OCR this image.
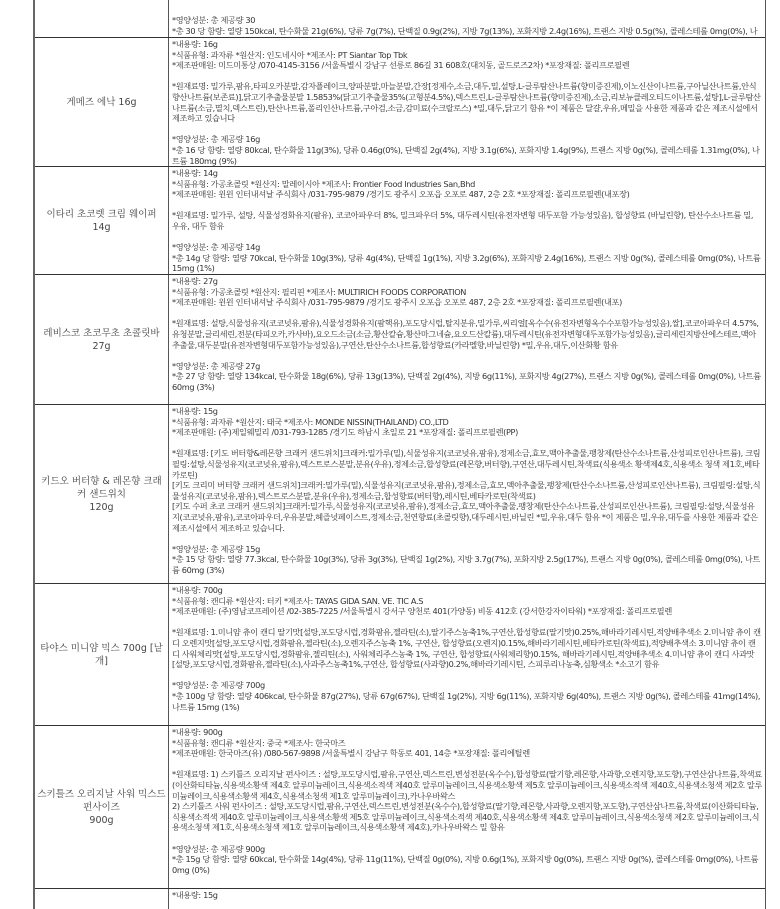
*영양성분: 총 제공량 30

*총 30 당 함량: 열량 150kcal, 탄수화물 21g(6%), 당류 7g(7%), 단백질 0.9g(2%), 지방 7g(13%), 포화지방 2.4g(16%), 트랜스 지방 0.5g(%), 콜레스테롤 0mg(0%), 나

게메즈 에낙 16g

*내용량: 16g

*식품유형: 과자류 *원산지: 인도네시아 *제조사: PT Siantar Top Tbk

*제조판매원: 미드미통상 /070-4145-3156 /서울특별시 강남구 선릉로 86길 31 608호(대치동, 골드로즈2차) *포장재질: 폴리프로필렌

*원재료명: 밀가루,팜유,타피오카분말,감자플레이크,양파분말,마늘분말,간장[정제수,소금,대두,밀,설탕,L-글루탐산나트륨(향미증진제),이노신산이나트륨,구아닐산나트륨,안식향산나트륨(보존료)],닭고기추출물분말 1.5853%(닭고기추출물35%(고형분4.5%),덱스트린,L-글루탐산나트륨(향미증진제),소금,리보뉴클레오티드이나트륨,설탕],L-글루탐산나트륨(소금,멸치,덱스트린),탄산나트륨,폴리인산나트륨,구아검,소금,감미료(수크랄로스) *밀,대두,닭고기 함유 *이 제품은 달걀,우유,메밀을 사용한 제품과 같은 제조시설에서 제조하고 있습니다

*영양성분: 총 제공량 16g

*총 16 당 함량: 열량 80kcal, 탄수화물 11g(3%), 당류 0.46g(0%), 단백질 2g(4%), 지방 3.1g(6%), 포화지방 1.4g(9%), 트랜스 지방 0g(%), 콜레스테롤 1.31mg(0%), 나트륨 180mg (9%)

이타리 초코렛 크림 웨이퍼 14g

*내용량: 14g

*식품유형: 가공초콜릿 *원산지: 말레이시아 *제조사: Frontier Food Industries San,Bhd

*제조판매원: 윈윈 인터내셔날 주식회사 /031-795-9879 /경기도 광주시 오포읍 오포로 487, 2층 2호 *포장재질: 폴리프로필렌(내포장)

*원재료명: 밀가루, 설탕, 식물성경화유지(팜유), 코코아파우더 8%, 밀크파우더 5%, 대두레시틴(유전자변형 대두포함 가능성있음), 합성향료 (바닐린향), 탄산수소나트륨 밀, 우유, 대두 함유

*영양성분: 총 제공량 14g

*총 14g 당 함량: 열량 70kcal, 탄수화물 10g(3%), 당류 4g(4%), 단백질 1g(1%), 지방 3.2g(6%), 포화지방 2.4g(16%), 트랜스 지방 0g(%), 콜레스테롤 0mg(0%), 나트륨 15mg (1%)

레비스코 초코무초 초콜릿바 27g

*내용량: 27g

*식품유형: 가공초콜릿 *원산지: 필리핀 *제조사: MULTIRICH FOODS CORPORATION

*제조판매원: 윈윈 인터내셔날 주식회사 /031-795-9879 /경기도 광주시 오포읍 오포로 487, 2층 2호 *포장재질: 폴리프로필렌(내포)

*원재료명: 설탕,식물성유지(코코넛유,팜유),식물성경화유지(팜핵유),포도당시럽,탈지분유,밀가루,씨리얼[옥수수(유전자변형옥수수포함가능성있음),쌀],코코아파우더 4.57%,유청분말,글리세린,전분(타피오카,카사바),요오드소금(소금,황산칼슘,황산마그네슘,요오드산칼륨),대두레시틴(유전자변형대두포함가능성있음),글리세린지방산에스테르,맥아추출물,대두분말(유전자변형대두포함가능성있음),구연산,탄산수소나트륨,합성향료(카라멜향,바닐린향) *밀,우유,대두,이산화황 함유

*영양성분: 총 제공량 27g

*총 27 당 함량: 열량 134kcal, 탄수화물 18g(6%), 당류 13g(13%), 단백질 2g(4%), 지방 6g(11%), 포화지방 4g(27%), 트랜스 지방 0g(%), 콜레스테롤 0mg(0%), 나트륨 60mg (3%)

키드오 버터향 & 레몬향 크래커 샌드위치
120g

*내용량: 15g

*식품유형: 과자류 *원산지: 태국 *제조사: MONDE NISSIN(THAILAND) CO.,LTD

*제조판매원: (주)제일웨밀리 /031-793-1285 /경기도 하남시 초일로 21 *포장재질: 폴리프로필렌(PP)

*원재료명: [키도 버터향&레몬향 크래커 샌드위치]크래커:밀가루(밀),식물성유지(코코넛유,팜유),정제소금,효모,맥아추출물,팽창제(탄산수소나트륨,산성피로인산나트륨), 크림필링:설탕,식물성유지(코코넛유,팜유),덱스트로스분말,분유(우유),정제소금,합성향료(레몬향,버터향),구연산,대두레시틴,착색료(식용색소 황색제4호,식용색소 청색 제1호,베타카로틴)

[키도 크리미 버터향 크래커 샌드위치]크래커:밀가루(밀),식물성유지(코코넛유,팜유),정제소금,효모,맥아추출물,팽창제(탄산수소나트륨,산성피로인산나트륨), 크림필링:설탕,식물성유지(코코넛유,팜유),덱스트로스분말,분유(우유),정제소금,합성향료(버터향),레시틴,베타카로틴(착색료)

[키도 수퍼 초코 크래커 샌드위치]크래커:밀가루,식물성유지(코코넛유,팜유),정제소금,효모,맥아추출물,팽창제(탄산수소나트륨,산성피로인산나트륨), 크림필링:설탕,식물성유지(코코넛유,팜유),코코아파우더,우유분말,헤즐넛페이스트,정제소금,천연향료(초콜릿향),대두레시틴,바닐린 *밀,우유,대두 함유 *이 제품은 밀,우유,대두를 사용한 제품과 같은 제조시설에서 제조하고 있습니다.

*영양성분: 총 제공량 15g

*총 15 당 함량: 열량 77.3kcal, 탄수화물 10g(3%), 당류 3g(3%), 단백질 1g(2%), 지방 3.7g(7%), 포화지방 2.5g(17%), 트랜스 지방 0g(0%), 콜레스테롤 0mg(0%), 나트륨 60mg (3%)

타야스 미니얌 믹스 700g [낱개]

*내용량: 700g

*식품유형: 캔디류 *원산지: 터키 *제조사: TAYAS GIDA SAN. VE. TIC A.S

*제조판매원: (주)영남코프레이션 /02-385-7225 /서울특별시 강서구 양천로 401(가양동) 비동 412호 (강서한강자이타워) *포장재질: 폴리프로필렌

*원재료명: 1.미니얌 츄이 캔디 딸기맛[설탕,포도당시럽,경화팜유,젤라틴(소),딸기주스농축1%,구연산,합성향료(딸기맛)0.25%,해바라기레시틴,적양배추색소 2.미니얌 츄이 캔디 오렌지맛[설탕,포도당시럽,경화팜유,젤라틴(소),오렌지주스농축 1%, 구연산, 합성향료(오렌지)0.15%,해바라기레시틴,베타카로틴(착색료),적양배추색소 3.미니얌 츄이 캔디 사워체리맛[설탕,포도당시럽,경화팜유,젤리틴(소), 사워체리주스농축 1%, 구연산, 합성향료(사워체리향)0.15%, 해바라기레시틴,적양배추색소 4.미니얌 츄이 캔디 사과맛[설탕,포도당시럽,경화팜유,젤라틴(소),사과주스농축1%,구연산, 합성향료(사과향)0.2%,해바라기레시틴, 스피루리나농축,심황색소 *소고기 함유

*영양성분: 총 제공량 700g

*총 100g 당 함량: 열량 406kcal, 탄수화물 87g(27%), 당류 67g(67%), 단백질 1g(2%), 지방 6g(11%), 포화지방 6g(40%), 트랜스 지방 0g(%), 콜레스테롤 41mg(14%), 나트륨 15mg (1%)

스키틀즈 오리지날 사워 믹스드 펀사이즈
900g

*내용량: 900g

*식품유형: 캔디류 *원산지: 중국 *제조사: 한국마즈

*제조판매원: 한국마즈(유) /080-567-9898 /서울특별시 강남구 학동로 401, 14층 *포장재질: 폴리에틸렌

*원재료명: 1) 스키틀즈 오리지날 펀사이즈 : 설탕,포도당시럽,팜유,구연산,덱스트린,변성전분(옥수수),합성향료(딸기향,레몬향,사과향,오렌지향,포도향),구연산삼나트륨,착색료(이산화티타늄,식용색소황색 제4호 알루미늄레이크,식용색소적색 제40호 알루미늄레이크,식용색소황색 제5호 알루미늄레이크,식용색소적색 제40호,식용색소청색 제2호 알루미늄레이크,식용색소황색 제4호,식용색소청색 제1호 알루미늄레이크),카나우바왁스

2) 스키틀즈 사워 펀사이즈 : 설탕,포도당시럽,팜유,구연산,덱스트린,변성전분(옥수수),합성향료(딸기향,레몬향,사과향,오렌지향,포도향),구연산삼나트륨,착색료(이산화티타늄,식용색소적색 제40호 알루미늄레이크,식용색소황색 제5호 알루미늄레이크,식용색소적색 제40호,식용색소황색 제4호 알루미늄레이크,식용색소청색 제2호 알루미늄레이크,식용색소청색 제1호,식용색소청색 제1호 알루미늄레이크,식용색소황색 제4호),카나우바왁스 밀 함유

*영양성분: 총 제공량 900g

*총 15g 당 함량: 열량 60kcal, 탄수화물 14g(4%), 당류 11g(11%), 단백질 0g(0%), 지방 0.6g(1%), 포화지방 0g(0%), 트랜스 지방 0g(%), 콜레스테롤 0mg(0%), 나트륨 0mg (0%)

*내용량: 15g
